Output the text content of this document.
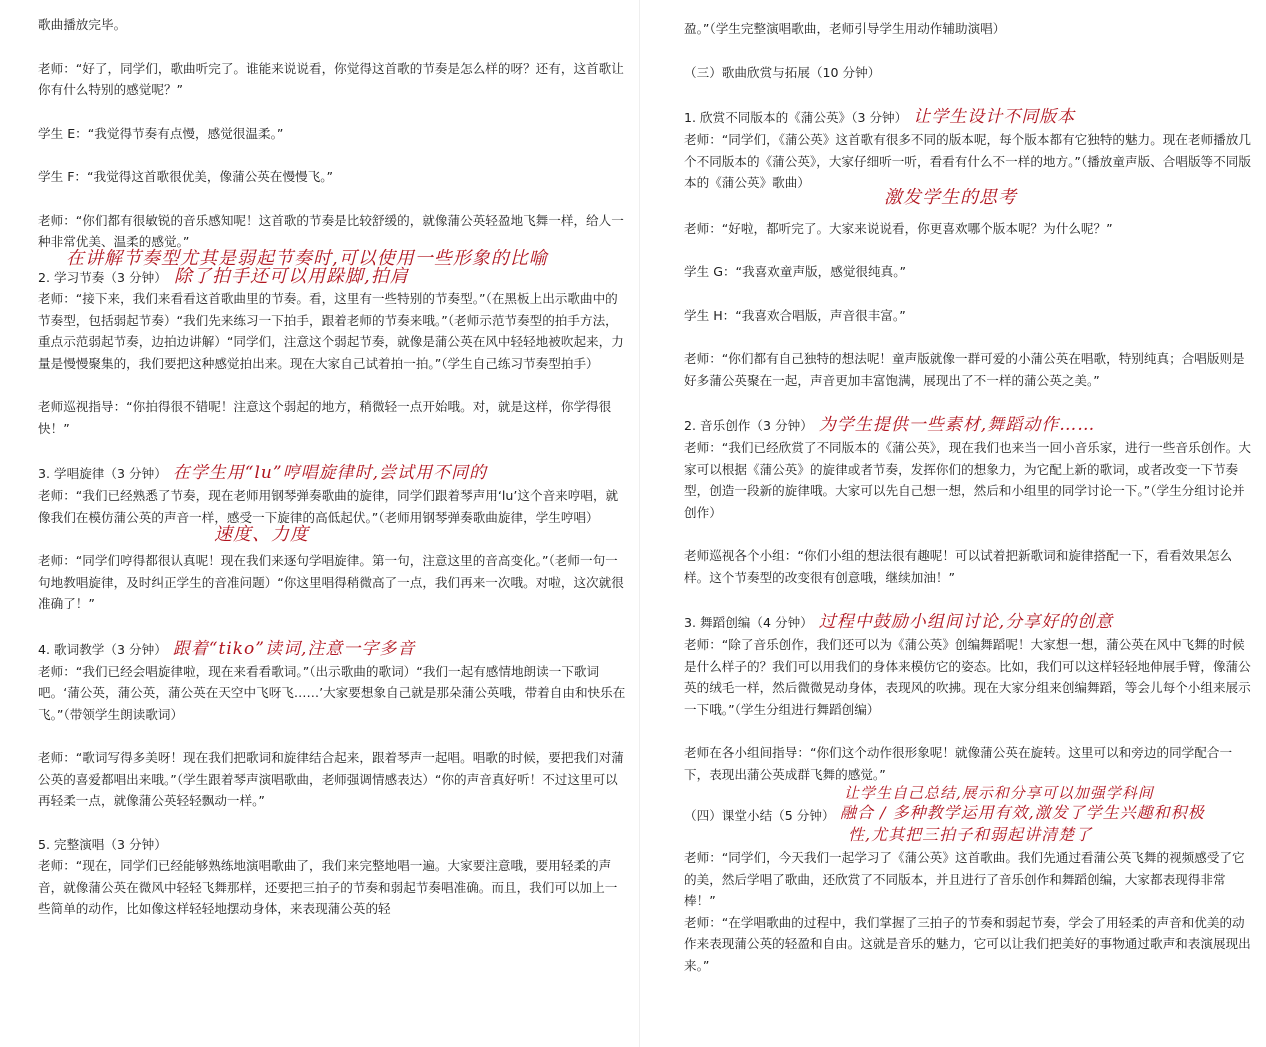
歌曲播放完毕。

老师：“好了，同学们，歌曲听完了。谁能来说说看，你觉得这首歌的节奏是怎么样的呀？还有，这首歌让你有什么特别的感觉呢？”

学生 E：“我觉得节奏有点慢，感觉很温柔。”

学生 F：“我觉得这首歌很优美，像蒲公英在慢慢飞。”

老师：“你们都有很敏锐的音乐感知呢！这首歌的节奏是比较舒缓的，就像蒲公英轻盈地飞舞一样，给人一种非常优美、温柔的感觉。”

在讲解节奏型尤其是弱起节奏时,可以使用一些形象的比喻

2. 学习节奏（3 分钟） 除了拍手还可以用跺脚,拍肩

老师：“接下来，我们来看看这首歌曲里的节奏。看，这里有一些特别的节奏型。”（在黑板上出示歌曲中的节奏型，包括弱起节奏）“我们先来练习一下拍手，跟着老师的节奏来哦。”（老师示范节奏型的拍手方法，重点示范弱起节奏，边拍边讲解）“同学们，注意这个弱起节奏，就像是蒲公英在风中轻轻地被吹起来，力量是慢慢聚集的，我们要把这种感觉拍出来。现在大家自己试着拍一拍。”（学生自己练习节奏型拍手）

老师巡视指导：“你拍得很不错呢！注意这个弱起的地方，稍微轻一点开始哦。对，就是这样，你学得很快！”

3. 学唱旋律（3 分钟） 在学生用“lu”哼唱旋律时,尝试用不同的

老师：“我们已经熟悉了节奏，现在老师用钢琴弹奏歌曲的旋律，同学们跟着琴声用‘lu’这个音来哼唱，就像我们在模仿蒲公英的声音一样，感受一下旋律的高低起伏。”（老师用钢琴弹奏歌曲旋律，学生哼唱）

速度、力度

老师：“同学们哼得都很认真呢！现在我们来逐句学唱旋律。第一句，注意这里的音高变化。”（老师一句一句地教唱旋律，及时纠正学生的音准问题）“你这里唱得稍微高了一点，我们再来一次哦。对啦，这次就很准确了！”

4. 歌词教学（3 分钟） 跟着“tiko”读词,注意一字多音

老师：“我们已经会唱旋律啦，现在来看看歌词。”（出示歌曲的歌词）“我们一起有感情地朗读一下歌词吧。‘蒲公英，蒲公英，蒲公英在天空中飞呀飞……’大家要想象自己就是那朵蒲公英哦，带着自由和快乐在飞。”（带领学生朗读歌词）

老师：“歌词写得多美呀！现在我们把歌词和旋律结合起来，跟着琴声一起唱。唱歌的时候，要把我们对蒲公英的喜爱都唱出来哦。”（学生跟着琴声演唱歌曲，老师强调情感表达）“你的声音真好听！不过这里可以再轻柔一点，就像蒲公英轻轻飘动一样。”

5. 完整演唱（3 分钟）

老师：“现在，同学们已经能够熟练地演唱歌曲了，我们来完整地唱一遍。大家要注意哦，要用轻柔的声音，就像蒲公英在微风中轻轻飞舞那样，还要把三拍子的节奏和弱起节奏唱准确。而且，我们可以加上一些简单的动作，比如像这样轻轻地摆动身体，来表现蒲公英的轻

盈。”（学生完整演唱歌曲，老师引导学生用动作辅助演唱）

（三）歌曲欣赏与拓展（10 分钟）

1. 欣赏不同版本的《蒲公英》（3 分钟） 让学生设计不同版本

老师：“同学们，《蒲公英》这首歌有很多不同的版本呢，每个版本都有它独特的魅力。现在老师播放几个不同版本的《蒲公英》，大家仔细听一听，看看有什么不一样的地方。”（播放童声版、合唱版等不同版本的《蒲公英》歌曲）

激发学生的思考

老师：“好啦，都听完了。大家来说说看，你更喜欢哪个版本呢？为什么呢？”

学生 G：“我喜欢童声版，感觉很纯真。”

学生 H：“我喜欢合唱版，声音很丰富。”

老师：“你们都有自己独特的想法呢！童声版就像一群可爱的小蒲公英在唱歌，特别纯真；合唱版则是好多蒲公英聚在一起，声音更加丰富饱满，展现出了不一样的蒲公英之美。”

2. 音乐创作（3 分钟） 为学生提供一些素材,舞蹈动作……

老师：“我们已经欣赏了不同版本的《蒲公英》，现在我们也来当一回小音乐家，进行一些音乐创作。大家可以根据《蒲公英》的旋律或者节奏，发挥你们的想象力，为它配上新的歌词，或者改变一下节奏型，创造一段新的旋律哦。大家可以先自己想一想，然后和小组里的同学讨论一下。”（学生分组讨论并创作）

老师巡视各个小组：“你们小组的想法很有趣呢！可以试着把新歌词和旋律搭配一下，看看效果怎么样。这个节奏型的改变很有创意哦，继续加油！”

3. 舞蹈创编（4 分钟） 过程中鼓励小组间讨论,分享好的创意

老师：“除了音乐创作，我们还可以为《蒲公英》创编舞蹈呢！大家想一想，蒲公英在风中飞舞的时候是什么样子的？我们可以用我们的身体来模仿它的姿态。比如，我们可以这样轻轻地伸展手臂，像蒲公英的绒毛一样，然后微微晃动身体，表现风的吹拂。现在大家分组来创编舞蹈，等会儿每个小组来展示一下哦。”（学生分组进行舞蹈创编）

老师在各小组间指导：“你们这个动作很形象呢！就像蒲公英在旋转。这里可以和旁边的同学配合一下，表现出蒲公英成群飞舞的感觉。”

让学生自己总结,展示和分享可以加强学科间

（四）课堂小结（5 分钟） 融合 / 多种教学运用有效,激发了学生兴趣和积极
性,尤其把三拍子和弱起讲清楚了

老师：“同学们，今天我们一起学习了《蒲公英》这首歌曲。我们先通过看蒲公英飞舞的视频感受了它的美，然后学唱了歌曲，还欣赏了不同版本，并且进行了音乐创作和舞蹈创编，大家都表现得非常棒！”

老师：“在学唱歌曲的过程中，我们掌握了三拍子的节奏和弱起节奏，学会了用轻柔的声音和优美的动作来表现蒲公英的轻盈和自由。这就是音乐的魅力，它可以让我们把美好的事物通过歌声和表演展现出来。”
